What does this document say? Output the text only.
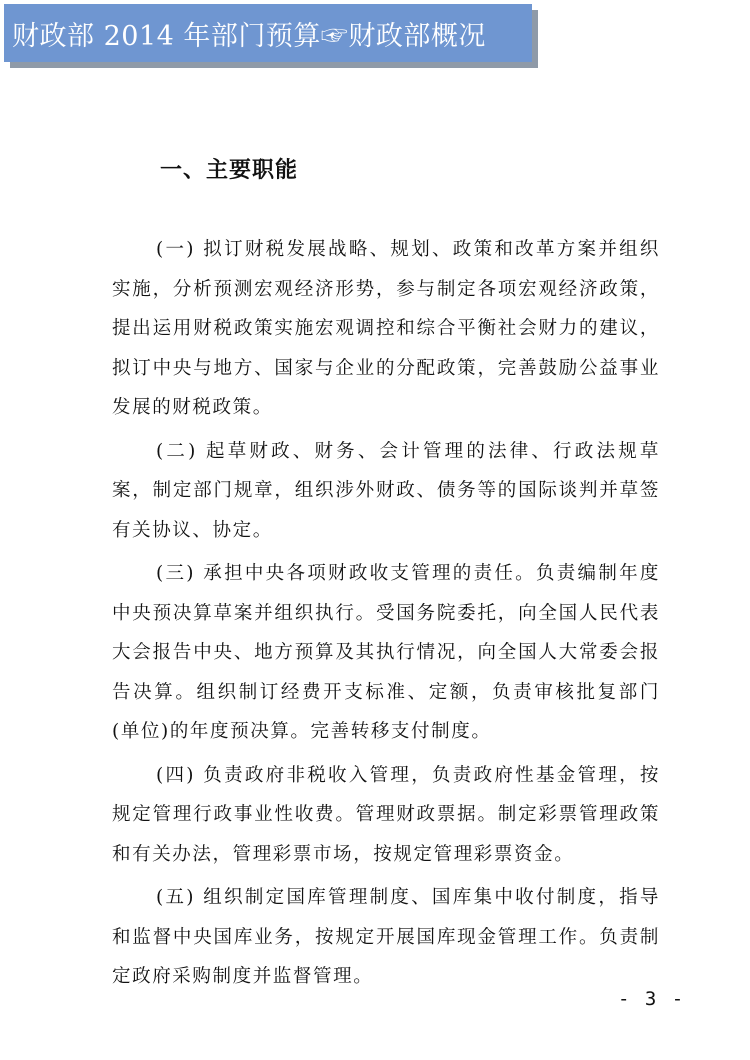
财政部 2014 年部门预算☞财政部概况
一、主要职能

(一) 拟订财税发展战略、规划、政策和改革方案并组织实施，分析预测宏观经济形势，参与制定各项宏观经济政策，提出运用财税政策实施宏观调控和综合平衡社会财力的建议，拟订中央与地方、国家与企业的分配政策，完善鼓励公益事业发展的财税政策。

(二) 起草财政、财务、会计管理的法律、行政法规草案，制定部门规章，组织涉外财政、债务等的国际谈判并草签有关协议、协定。

(三) 承担中央各项财政收支管理的责任。负责编制年度中央预决算草案并组织执行。受国务院委托，向全国人民代表大会报告中央、地方预算及其执行情况，向全国人大常委会报告决算。组织制订经费开支标准、定额，负责审核批复部门(单位)的年度预决算。完善转移支付制度。

(四) 负责政府非税收入管理，负责政府性基金管理，按规定管理行政事业性收费。管理财政票据。制定彩票管理政策和有关办法，管理彩票市场，按规定管理彩票资金。

(五) 组织制定国库管理制度、国库集中收付制度，指导和监督中央国库业务，按规定开展国库现金管理工作。负责制定政府采购制度并监督管理。

- 3 -
